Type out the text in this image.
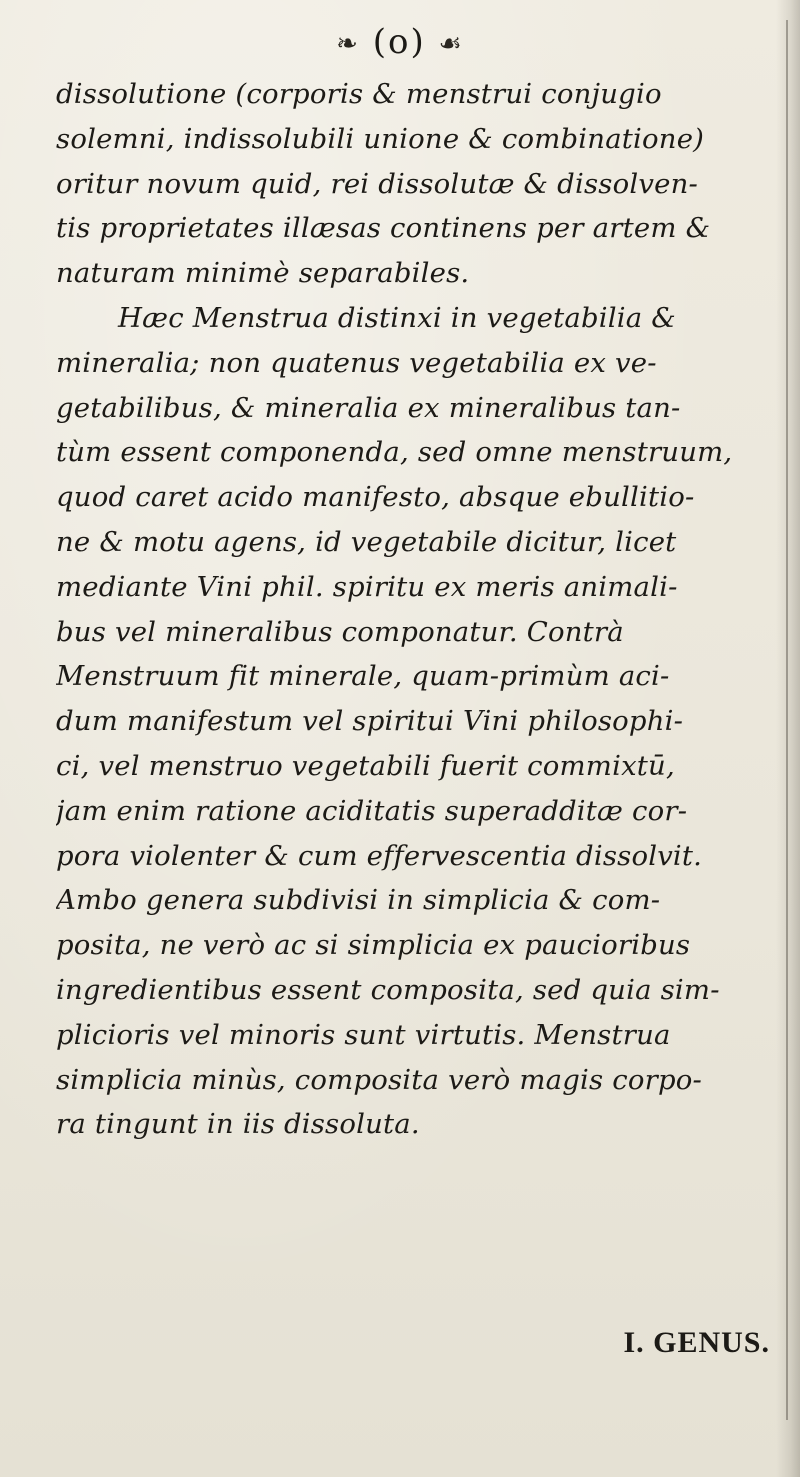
❧ (o) ☙
dissolutione (corporis & menstrui conjugio
solemni, indissolubili unione & combinatione)
oritur novum quid, rei dissolutæ & dissolven-
tis proprietates illæsas continens per artem &
naturam minimè separabiles.
Hæc Menstrua distinxi in vegetabilia &
mineralia; non quatenus vegetabilia ex ve-
getabilibus, & mineralia ex mineralibus tan-
tùm essent componenda, sed omne menstruum,
quod caret acido manifesto, absque ebullitio-
ne & motu agens, id vegetabile dicitur, licet
mediante Vini phil. spiritu ex meris animali-
bus vel mineralibus componatur. Contrà
Menstruum fit minerale, quam-primùm aci-
dum manifestum vel spiritui Vini philosophi-
ci, vel menstruo vegetabili fuerit commixtū,
jam enim ratione aciditatis superadditæ cor-
pora violenter & cum effervescentia dissolvit.
Ambo genera subdivisi in simplicia & com-
posita, ne verò ac si simplicia ex paucioribus
ingredientibus essent composita, sed quia sim-
plicioris vel minoris sunt virtutis. Menstrua
simplicia minùs, composita verò magis corpo-
ra tingunt in iis dissoluta.
I. GENUS.
